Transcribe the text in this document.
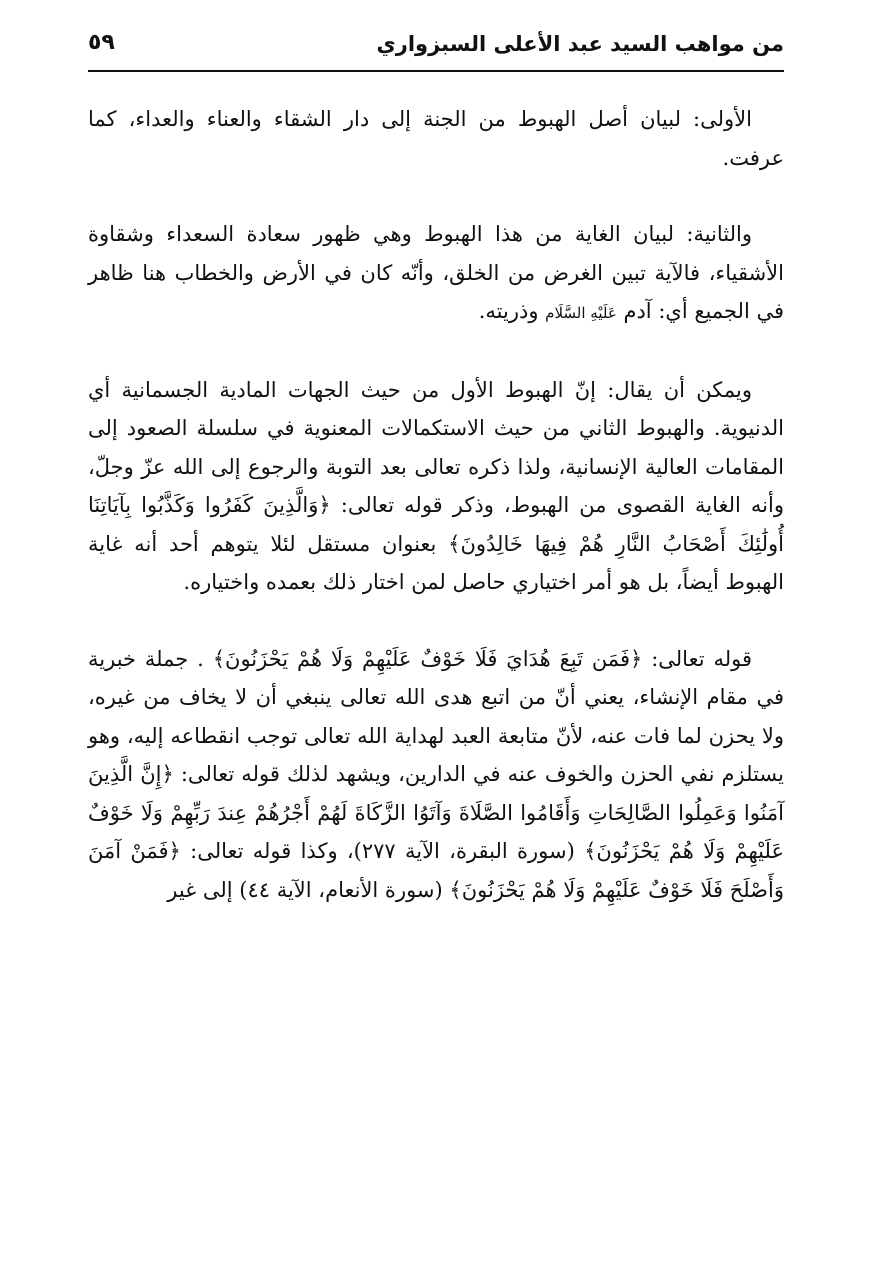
من مواهب السيد عبد الأعلى السبزواري
٥٩

الأولى: لبيان أصل الهبوط من الجنة إلى دار الشقاء والعناء والعداء، كما عرفت.

والثانية: لبيان الغاية من هذا الهبوط وهي ظهور سعادة السعداء وشقاوة الأشقياء، فالآية تبين الغرض من الخلق، وأنّه كان في الأرض والخطاب هنا ظاهر في الجميع أي: آدم عَلَيْهِ السَّلَام وذريته.

ويمكن أن يقال: إنّ الهبوط الأول من حيث الجهات المادية الجسمانية أي الدنيوية. والهبوط الثاني من حيث الاستكمالات المعنوية في سلسلة الصعود إلى المقامات العالية الإنسانية، ولذا ذكره تعالى بعد التوبة والرجوع إلى الله عزّ وجلّ، وأنه الغاية القصوى من الهبوط، وذكر قوله تعالى: ﴿وَالَّذِينَ كَفَرُوا وَكَذَّبُوا بِآيَاتِنَا أُولَٰئِكَ أَصْحَابُ النَّارِ هُمْ فِيهَا خَالِدُونَ﴾ بعنوان مستقل لئلا يتوهم أحد أنه غاية الهبوط أيضاً، بل هو أمر اختياري حاصل لمن اختار ذلك بعمده واختياره.

قوله تعالى: ﴿فَمَن تَبِعَ هُدَايَ فَلَا خَوْفٌ عَلَيْهِمْ وَلَا هُمْ يَحْزَنُونَ﴾ . جملة خبرية في مقام الإنشاء، يعني أنّ من اتبع هدى الله تعالى ينبغي أن لا يخاف من غيره، ولا يحزن لما فات عنه، لأنّ متابعة العبد لهداية الله تعالى توجب انقطاعه إليه، وهو يستلزم نفي الحزن والخوف عنه في الدارين، ويشهد لذلك قوله تعالى: ﴿إِنَّ الَّذِينَ آمَنُوا وَعَمِلُوا الصَّالِحَاتِ وَأَقَامُوا الصَّلَاةَ وَآتَوُا الزَّكَاةَ لَهُمْ أَجْرُهُمْ عِندَ رَبِّهِمْ وَلَا خَوْفٌ عَلَيْهِمْ وَلَا هُمْ يَحْزَنُونَ﴾ (سورة البقرة، الآية ٢٧٧)، وكذا قوله تعالى: ﴿فَمَنْ آمَنَ وَأَصْلَحَ فَلَا خَوْفٌ عَلَيْهِمْ وَلَا هُمْ يَحْزَنُونَ﴾ (سورة الأنعام، الآية ٤٤) إلى غير
